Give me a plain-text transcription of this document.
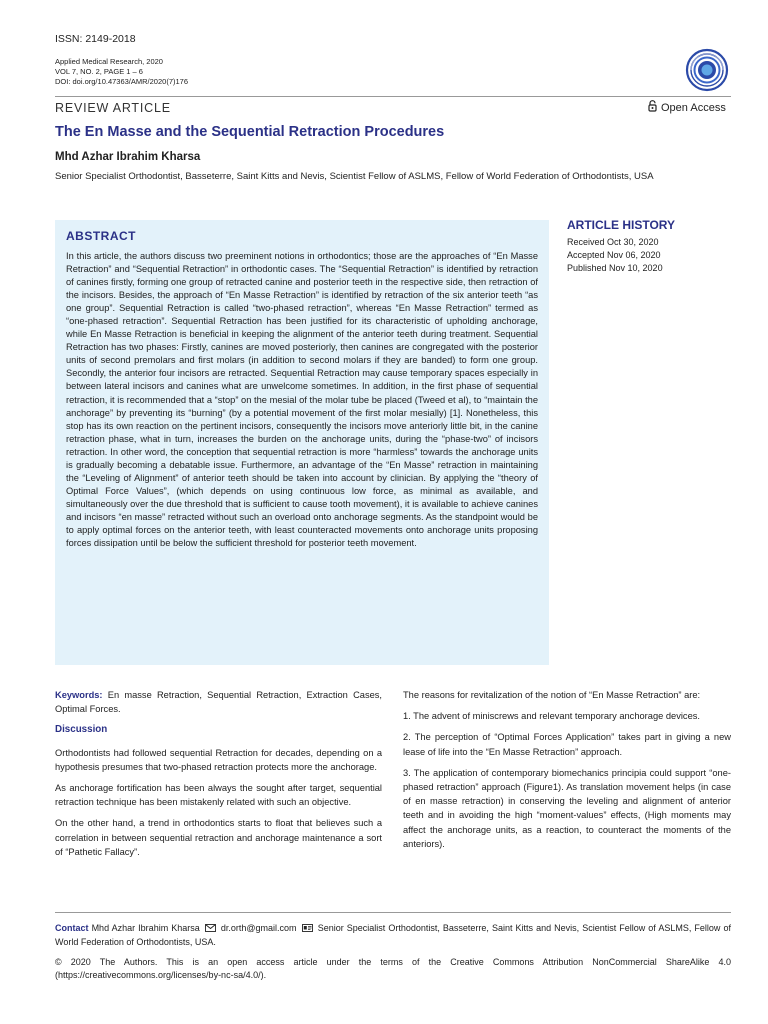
ISSN: 2149-2018
Applied Medical Research, 2020
VOL 7, NO. 2, PAGE 1 – 6
DOI: doi.org/10.47363/AMR/2020(7)176
REVIEW ARTICLE	Open Access
The En Masse and the Sequential Retraction Procedures
Mhd Azhar Ibrahim Kharsa
Senior Specialist Orthodontist, Basseterre, Saint Kitts and Nevis, Scientist Fellow of ASLMS, Fellow of World Federation of Orthodontists, USA
ABSTRACT
In this article, the authors discuss two preeminent notions in orthodontics; those are the approaches of “En Masse Retraction” and “Sequential Retraction” in orthodontic cases. The “Sequential Retraction” is identified by retraction of canines firstly, forming one group of retracted canine and posterior teeth in the respective side, then retraction of the incisors. Besides, the approach of “En Masse Retraction” is identified by retraction of the six anterior teeth “as one group”. Sequential Retraction is called “two-phased retraction”, whereas “En Masse Retraction” termed as “one-phased retraction”. Sequential Retraction has been justified for its characteristic of upholding anchorage, while En Masse Retraction is beneficial in keeping the alignment of the anterior teeth during treatment. Sequential Retraction has two phases: Firstly, canines are moved posteriorly, then canines are congregated with the posterior units of second premolars and first molars (in addition to second molars if they are banded) to form one group. Secondly, the anterior four incisors are retracted. Sequential Retraction may cause temporary spaces especially in between lateral incisors and canines what are unwelcome sometimes. In addition, in the first phase of sequential retraction, it is recommended that a “stop” on the mesial of the molar tube be placed (Tweed et al), to “maintain the anchorage” by preventing its “burning” (by a potential movement of the first molar mesially) [1]. Nonetheless, this stop has its own reaction on the pertinent incisors, consequently the incisors move anteriorly little bit, in the canine retraction phase, what in turn, increases the burden on the anchorage units, during the “phase-two” of incisors retraction. In other word, the conception that sequential retraction is more “harmless” towards the anchorage units is gradually becoming a debatable issue. Furthermore, an advantage of the “En Masse” retraction in maintaining the “Leveling of Alignment” of anterior teeth should be taken into account by clinician. By applying the “theory of Optimal Force Values”, (which depends on using continuous low force, as minimal as available, and simultaneously over the due threshold that is sufficient to cause tooth movement), it is available to achieve canines and incisors “en masse” retracted without such an overload onto anchorage segments. As the standpoint would be to apply optimal forces on the anterior teeth, with least counteracted movements onto anchorage units proposing forces dissipation until be below the sufficient threshold for posterior teeth movement.
ARTICLE HISTORY
Received Oct 30, 2020
Accepted Nov 06, 2020
Published Nov 10, 2020

Keywords: En masse Retraction, Sequential Retraction, Extraction Cases, Optimal Forces.

Discussion

Orthodontists had followed sequential Retraction for decades, depending on a hypothesis presumes that two-phased retraction protects more the anchorage.

As anchorage fortification has been always the sought after target, sequential retraction technique has been mistakenly related with such an objective.

On the other hand, a trend in orthodontics starts to float that believes such a correlation in between sequential retraction and anchorage maintenance a sort of “Pathetic Fallacy”.

The reasons for revitalization of the notion of “En Masse Retraction” are:

1. The advent of miniscrews and relevant temporary anchorage devices.

2. The perception of “Optimal Forces Application” takes part in giving a new lease of life into the “En Masse Retraction” approach.

3. The application of contemporary biomechanics principia could support “one-phased retraction” approach (Figure1). As translation movement helps (in case of en masse retraction) in conserving the leveling and alignment of anterior teeth and in avoiding the high “moment-values” effects, (High moments may affect the anchorage units, as a reaction, to counteract the moments of the anteriors).

Contact Mhd Azhar Ibrahim Kharsa dr.orth@gmail.com Senior Specialist Orthodontist, Basseterre, Saint Kitts and Nevis, Scientist Fellow of ASLMS, Fellow of World Federation of Orthodontists, USA.
© 2020 The Authors. This is an open access article under the terms of the Creative Commons Attribution NonCommercial ShareAlike 4.0 (https://creativecommons.org/licenses/by-nc-sa/4.0/).
